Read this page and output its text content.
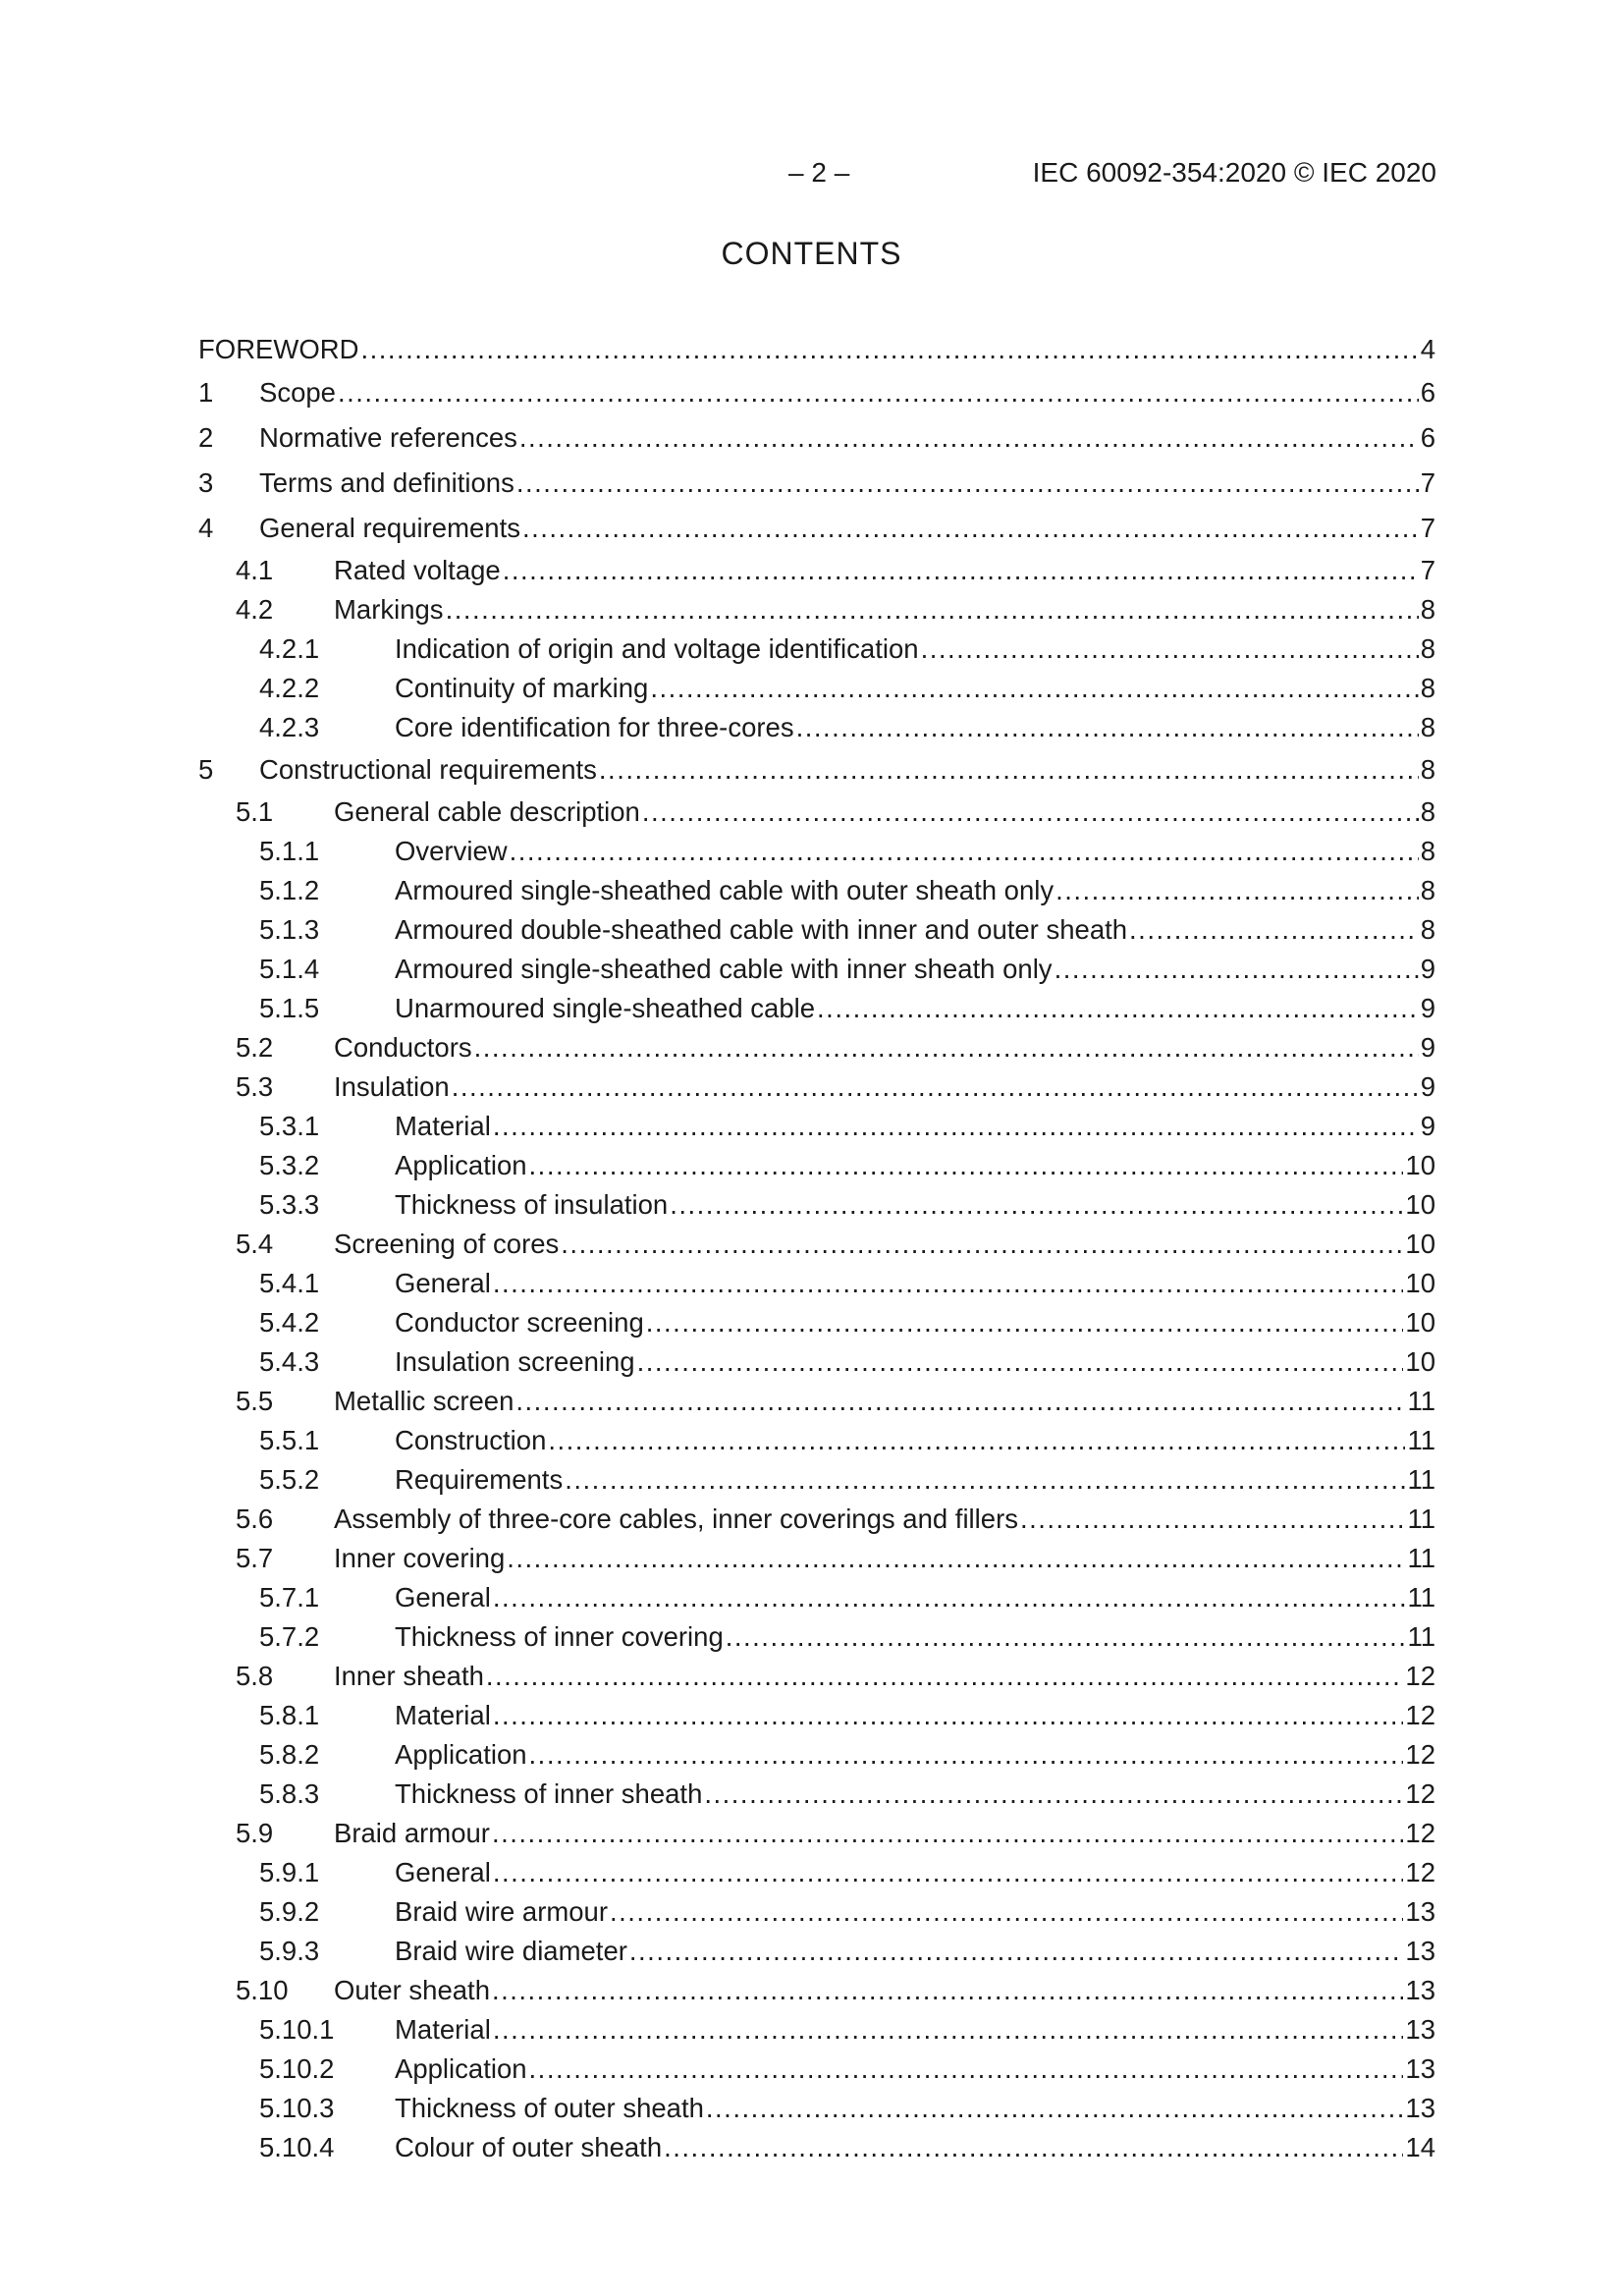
– 2 –	IEC 60092-354:2020 © IEC 2020
CONTENTS
FOREWORD .....	4
1	Scope .....	6
2	Normative references .....	6
3	Terms and definitions .....	7
4	General requirements .....	7
4.1	Rated voltage .....	7
4.2	Markings .....	8
4.2.1	Indication of origin and voltage identification .....	8
4.2.2	Continuity of marking .....	8
4.2.3	Core identification for three-cores .....	8
5	Constructional requirements .....	8
5.1	General cable description .....	8
5.1.1	Overview .....	8
5.1.2	Armoured single-sheathed cable with outer sheath only .....	8
5.1.3	Armoured double-sheathed cable with inner and outer sheath .....	8
5.1.4	Armoured single-sheathed cable with inner sheath only .....	9
5.1.5	Unarmoured single-sheathed cable .....	9
5.2	Conductors .....	9
5.3	Insulation .....	9
5.3.1	Material .....	9
5.3.2	Application .....	10
5.3.3	Thickness of insulation .....	10
5.4	Screening of cores .....	10
5.4.1	General .....	10
5.4.2	Conductor screening .....	10
5.4.3	Insulation screening .....	10
5.5	Metallic screen .....	11
5.5.1	Construction .....	11
5.5.2	Requirements .....	11
5.6	Assembly of three-core cables, inner coverings and fillers .....	11
5.7	Inner covering .....	11
5.7.1	General .....	11
5.7.2	Thickness of inner covering .....	11
5.8	Inner sheath .....	12
5.8.1	Material .....	12
5.8.2	Application .....	12
5.8.3	Thickness of inner sheath .....	12
5.9	Braid armour .....	12
5.9.1	General .....	12
5.9.2	Braid wire armour .....	13
5.9.3	Braid wire diameter .....	13
5.10	Outer sheath .....	13
5.10.1	Material .....	13
5.10.2	Application .....	13
5.10.3	Thickness of outer sheath .....	13
5.10.4	Colour of outer sheath .....	14
